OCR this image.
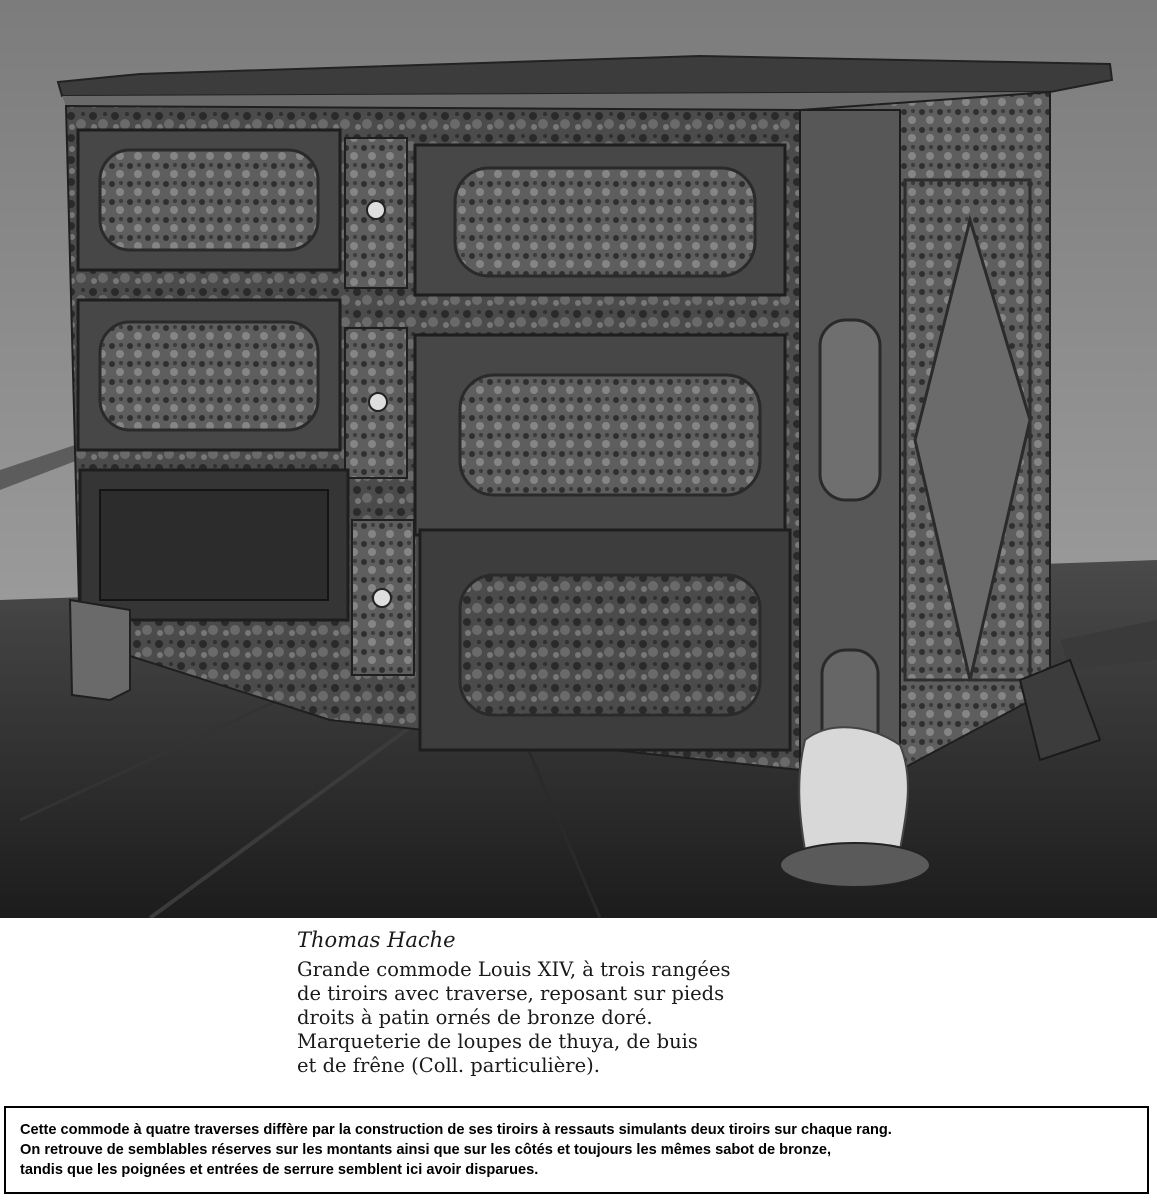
Thomas Hache

Grande commode Louis XIV, à trois rangées
de tiroirs avec traverse, reposant sur pieds
droits à patin ornés de bronze doré.
Marqueterie de loupes de thuya, de buis
et de frêne (Coll. particulière).

Cette commode à quatre traverses diffère par la construction de ses tiroirs à ressauts simulants deux tiroirs sur chaque rang.
On retrouve de semblables réserves sur les montants ainsi que sur les côtés et toujours les mêmes sabot de bronze,
tandis que les poignées et entrées de serrure semblent ici avoir disparues.
